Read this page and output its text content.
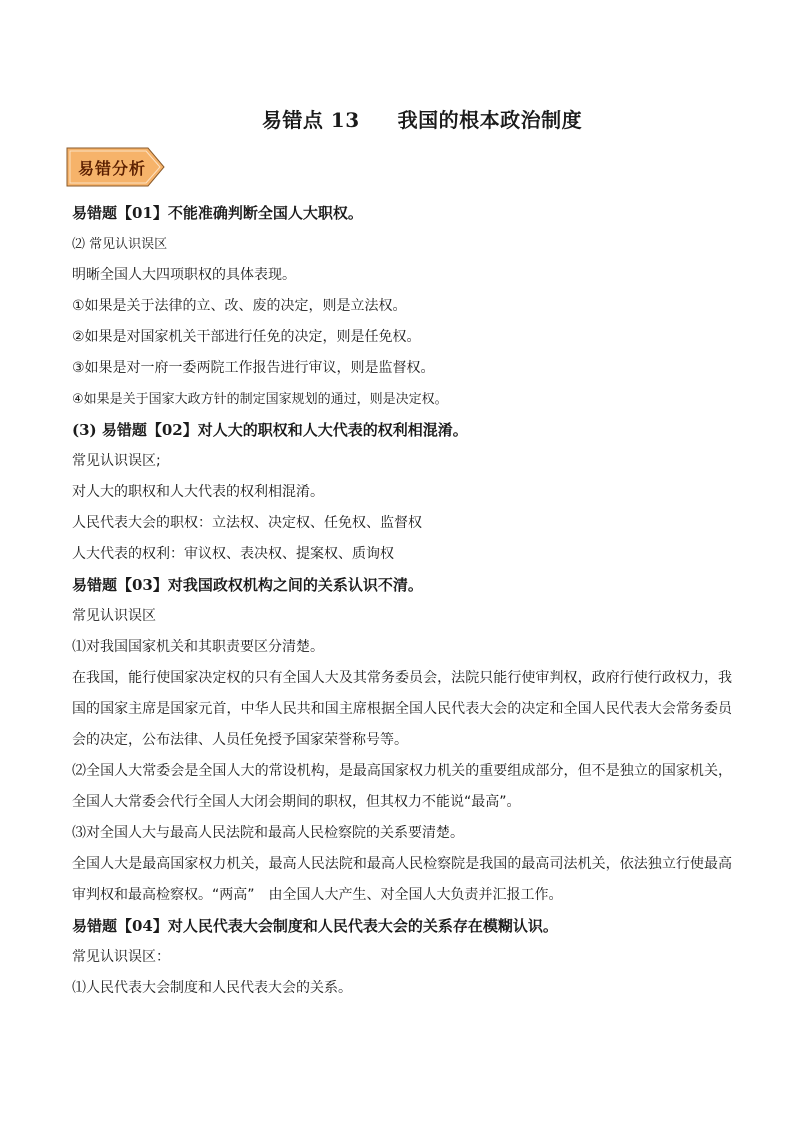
易错点 13 我国的根本政治制度
易错分析
易错题【01】不能准确判断全国人大职权。
⑵ 常见认识误区
明晰全国人大四项职权的具体表现。
①如果是关于法律的立、改、废的决定，则是立法权。
②如果是对国家机关干部进行任免的决定，则是任免权。
③如果是对一府一委两院工作报告进行审议，则是监督权。
④如果是关于国家大政方针的制定国家规划的通过，则是决定权。
(3) 易错题【02】对人大的职权和人大代表的权利相混淆。
常见认识误区;
对人大的职权和人大代表的权利相混淆。
人民代表大会的职权：立法权、决定权、任免权、监督权
人大代表的权利：审议权、表决权、提案权、质询权
易错题【03】对我国政权机构之间的关系认识不清。
常见认识误区
⑴对我国国家机关和其职责要区分清楚。
在我国，能行使国家决定权的只有全国人大及其常务委员会，法院只能行使审判权，政府行使行政权力，我国的国家主席是国家元首，中华人民共和国主席根据全国人民代表大会的决定和全国人民代表大会常务委员会的决定，公布法律、人员任免授予国家荣誉称号等。
⑵全国人大常委会是全国人大的常设机构，是最高国家权力机关的重要组成部分，但不是独立的国家机关，全国人大常委会代行全国人大闭会期间的职权，但其权力不能说“最高”。
⑶对全国人大与最高人民法院和最高人民检察院的关系要清楚。
全国人大是最高国家权力机关，最高人民法院和最高人民检察院是我国的最高司法机关，依法独立行使最高审判权和最高检察权。“两高”　由全国人大产生、对全国人大负责并汇报工作。
易错题【04】对人民代表大会制度和人民代表大会的关系存在模糊认识。
常见认识误区：
⑴人民代表大会制度和人民代表大会的关系。
